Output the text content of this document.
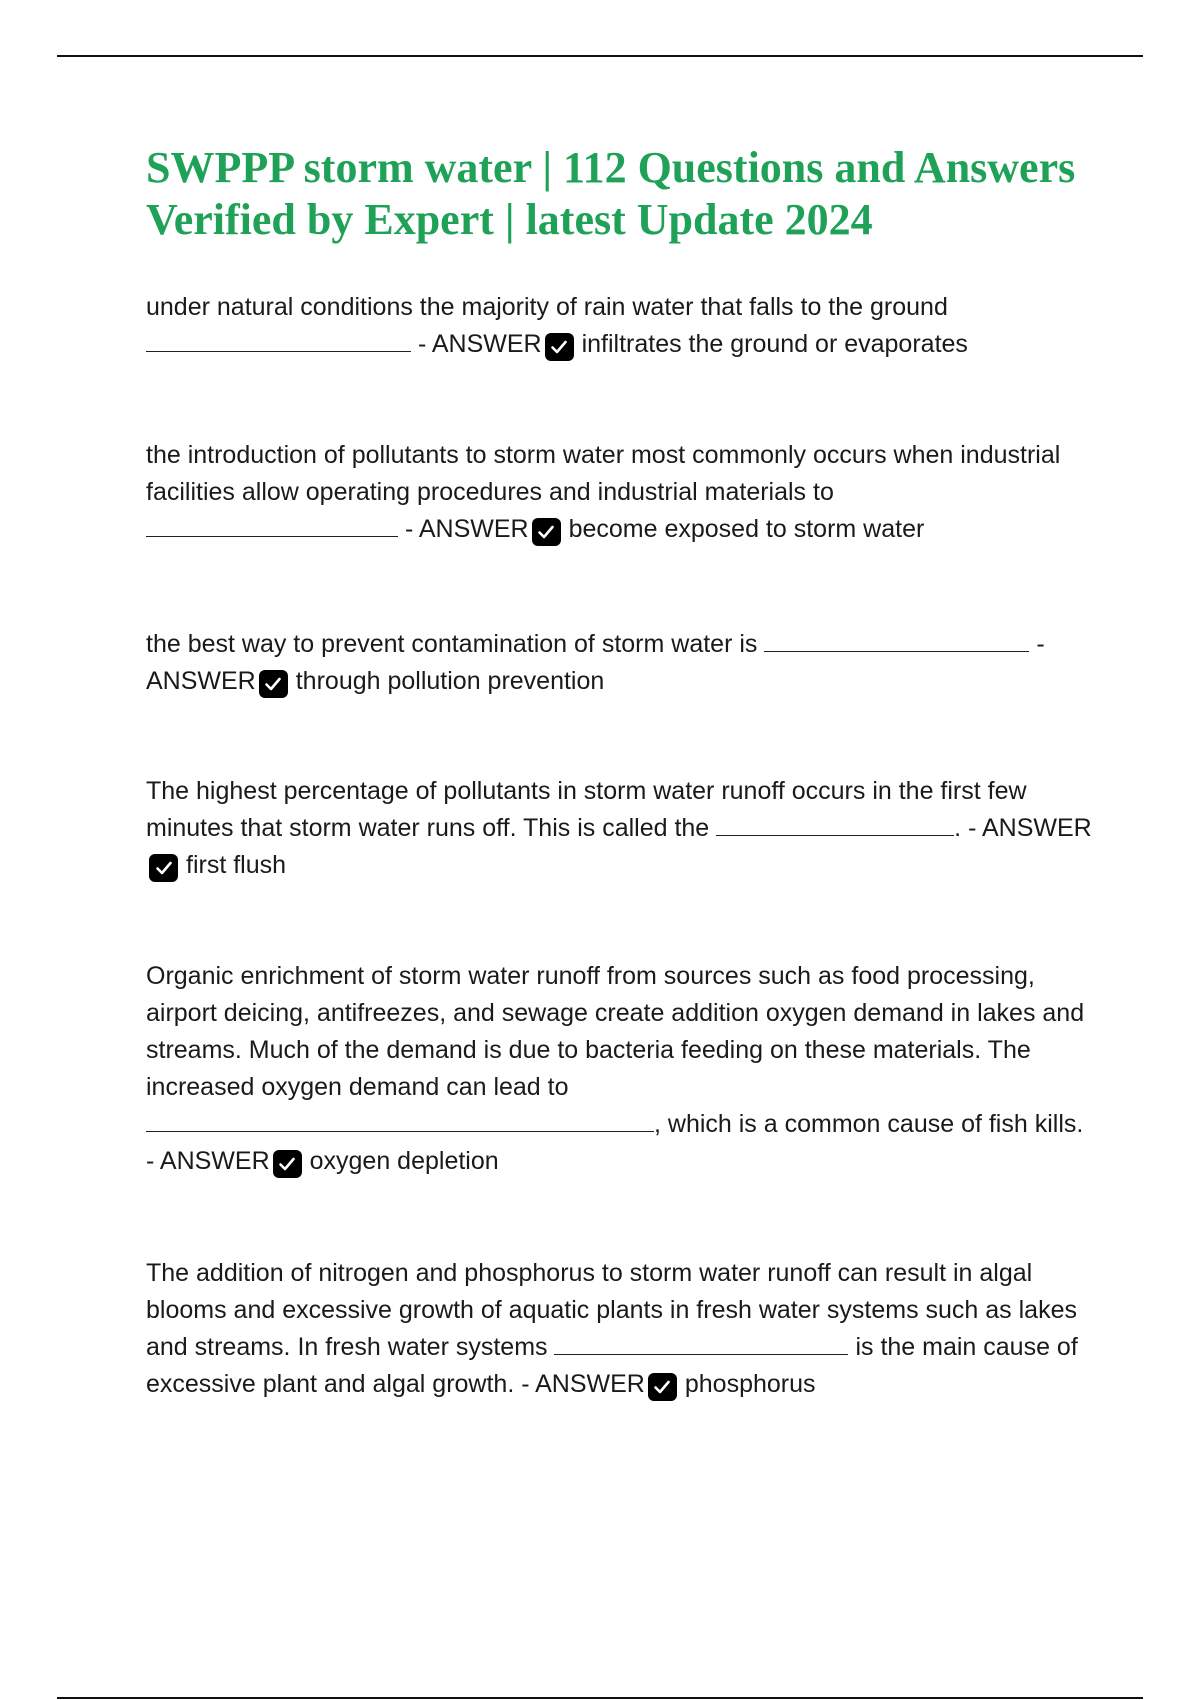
SWPPP storm water | 112 Questions and Answers Verified by Expert | latest Update 2024

under natural conditions the majority of rain water that falls to the ground
- ANSWER infiltrates the ground or evaporates

the introduction of pollutants to storm water most commonly occurs when industrial facilities allow operating procedures and industrial materials to
- ANSWER become exposed to storm water

the best way to prevent contamination of storm water is	- ANSWER through pollution prevention

The highest percentage of pollutants in storm water runoff occurs in the first few minutes that storm water runs off. This is called the	. - ANSWER
first flush

Organic enrichment of storm water runoff from sources such as food processing, airport deicing, antifreezes, and sewage create addition oxygen demand in lakes and streams. Much of the demand is due to bacteria feeding on these materials. The increased oxygen demand can lead to
, which is a common cause of fish kills. - ANSWER oxygen depletion

The addition of nitrogen and phosphorus to storm water runoff can result in algal blooms and excessive growth of aquatic plants in fresh water systems such as lakes and streams. In fresh water systems	is the main cause of excessive plant and algal growth. - ANSWER phosphorus
